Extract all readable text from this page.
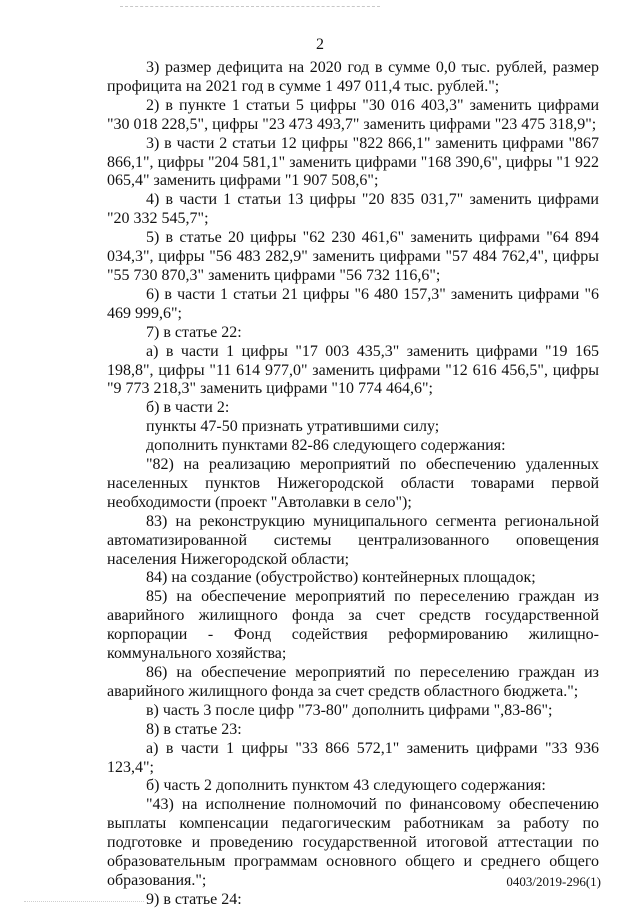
2

3) размер дефицита на 2020 год в сумме 0,0 тыс. рублей, размер профицита на 2021 год в сумме 1 497 011,4 тыс. рублей.";

2) в пункте 1 статьи 5 цифры "30 016 403,3" заменить цифрами "30 018 228,5", цифры "23 473 493,7" заменить цифрами "23 475 318,9";

3) в части 2 статьи 12 цифры "822 866,1" заменить цифрами "867 866,1", цифры "204 581,1" заменить цифрами "168 390,6", цифры "1 922 065,4" заменить цифрами "1 907 508,6";

4) в части 1 статьи 13 цифры "20 835 031,7" заменить цифрами "20 332 545,7";

5) в статье 20 цифры "62 230 461,6" заменить цифрами "64 894 034,3", цифры "56 483 282,9" заменить цифрами "57 484 762,4", цифры "55 730 870,3" заменить цифрами "56 732 116,6";

6) в части 1 статьи 21 цифры "6 480 157,3" заменить цифрами "6 469 999,6";

7) в статье 22:

а) в части 1 цифры "17 003 435,3" заменить цифрами "19 165 198,8", цифры "11 614 977,0" заменить цифрами "12 616 456,5", цифры "9 773 218,3" заменить цифрами "10 774 464,6";

б) в части 2:

пункты 47-50 признать утратившими силу;

дополнить пунктами 82-86 следующего содержания:

"82) на реализацию мероприятий по обеспечению удаленных населенных пунктов Нижегородской области товарами первой необходимости (проект "Автолавки в село");

83) на реконструкцию муниципального сегмента региональной автоматизированной системы централизованного оповещения населения Нижегородской области;

84) на создание (обустройство) контейнерных площадок;

85) на обеспечение мероприятий по переселению граждан из аварийного жилищного фонда за счет средств государственной корпорации - Фонд содействия реформированию жилищно-коммунального хозяйства;

86) на обеспечение мероприятий по переселению граждан из аварийного жилищного фонда за счет средств областного бюджета.";

в) часть 3 после цифр "73-80" дополнить цифрами ",83-86";

8) в статье 23:

а) в части 1 цифры "33 866 572,1" заменить цифрами "33 936 123,4";

б) часть 2 дополнить пунктом 43 следующего содержания:

"43) на исполнение полномочий по финансовому обеспечению выплаты компенсации педагогическим работникам за работу по подготовке и проведению государственной итоговой аттестации по образовательным программам основного общего и среднего общего образования.";

9) в статье 24:

0403/2019-296(1)
